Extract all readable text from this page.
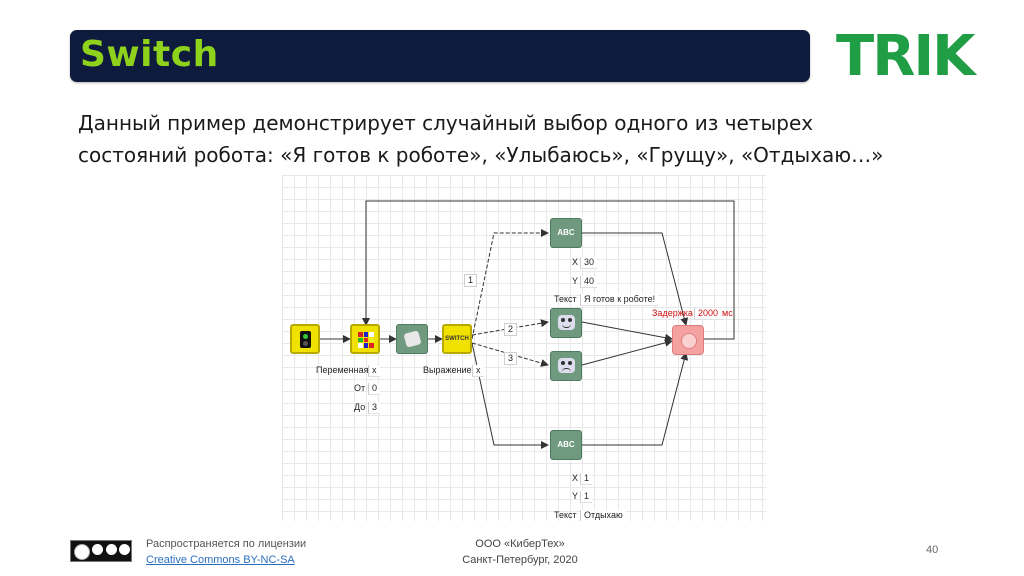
Switch	TRIK
Данный пример демонстрирует случайный выбор одного из четырех
состояний робота: «Я готов к роботе», «Улыбаюсь», «Грущу», «Отдыхаю…»
SWITCH
ABC
ABC
1
2
3
Переменная x
От 0
До 3
Выражение x
X 30
Y 40
Текст Я готов к роботе!
Задержка 2000 мс
X 1
Y 1
Текст Отдыхаю
Распространяется по лицензии
Creative Commons BY-NC-SA
ООО «КиберТех»
Санкт-Петербург, 2020
40
